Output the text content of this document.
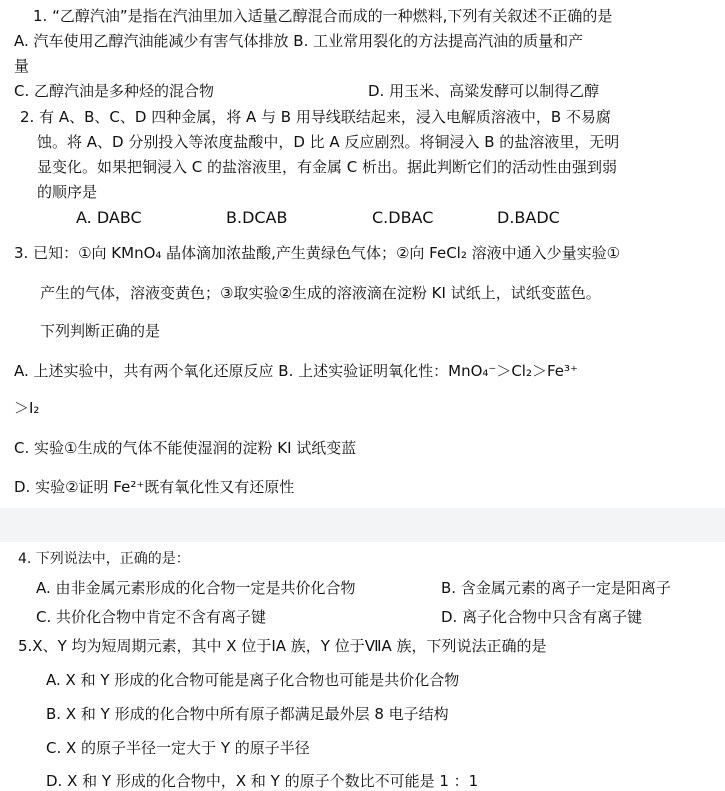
1. “乙醇汽油”是指在汽油里加入适量乙醇混合而成的一种燃料,下列有关叙述不正确的是
A. 汽车使用乙醇汽油能减少有害气体排放 B. 工业常用裂化的方法提高汽油的质量和产
量
C. 乙醇汽油是多种烃的混合物	D. 用玉米、高粱发酵可以制得乙醇
2. 有 A、B、C、D 四种金属，将 A 与 B 用导线联结起来，浸入电解质溶液中，B 不易腐
蚀。将 A、D 分别投入等浓度盐酸中，D 比 A 反应剧烈。将铜浸入 B 的盐溶液里，无明
显变化。如果把铜浸入 C 的盐溶液里，有金属 C 析出。据此判断它们的活动性由强到弱
的顺序是
A. DABC	B.DCAB	C.DBAC	D.BADC
3. 已知：①向 KMnO₄ 晶体滴加浓盐酸,产生黄绿色气体；②向 FeCl₂ 溶液中通入少量实验①
产生的气体，溶液变黄色；③取实验②生成的溶液滴在淀粉 KI 试纸上，试纸变蓝色。
下列判断正确的是
A. 上述实验中，共有两个氧化还原反应 B. 上述实验证明氧化性：MnO₄⁻＞Cl₂＞Fe³⁺
＞I₂
C. 实验①生成的气体不能使湿润的淀粉 KI 试纸变蓝
D. 实验②证明 Fe²⁺既有氧化性又有还原性
4. 下列说法中，正确的是：
A. 由非金属元素形成的化合物一定是共价化合物	B. 含金属元素的离子一定是阳离子
C. 共价化合物中肯定不含有离子键	D. 离子化合物中只含有离子键
5.X、Y 均为短周期元素，其中 X 位于ⅠA 族，Y 位于ⅦA 族，下列说法正确的是
A. X 和 Y 形成的化合物可能是离子化合物也可能是共价化合物
B. X 和 Y 形成的化合物中所有原子都满足最外层 8 电子结构
C. X 的原子半径一定大于 Y 的原子半径
D. X 和 Y 形成的化合物中，X 和 Y 的原子个数比不可能是 1 ：1
